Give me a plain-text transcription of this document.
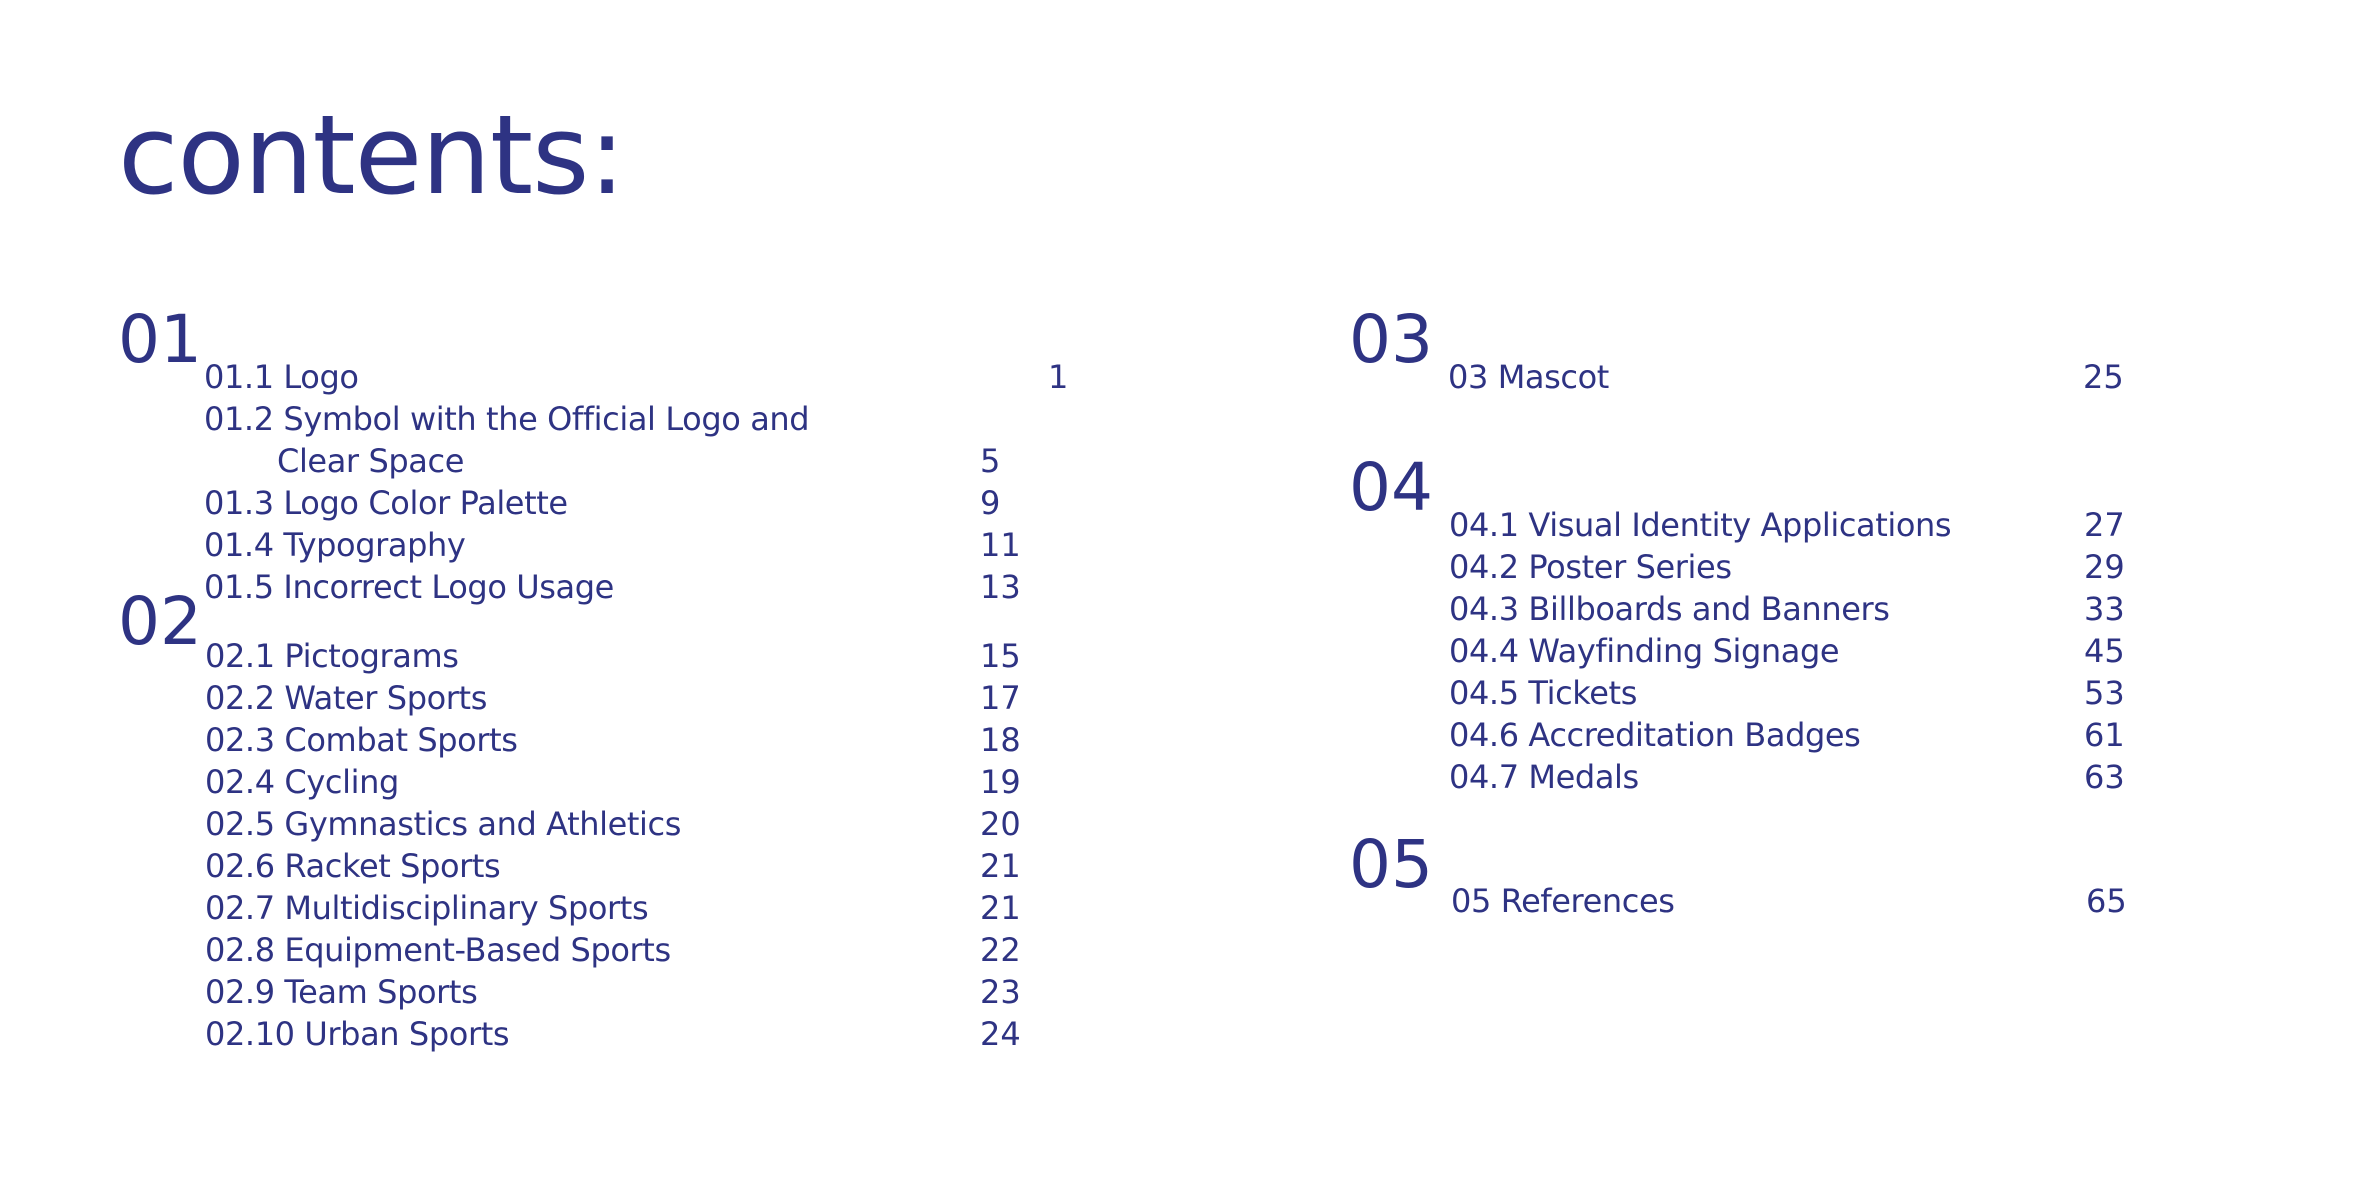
contents:
01 01.1 Logo	1
01.2 Symbol with the Official Logo and
Clear Space	5
01.3 Logo Color Palette	9
01.4 Typography	11
01.5 Incorrect Logo Usage	13
02 02.1 Pictograms	15
02.2 Water Sports	17
02.3 Combat Sports	18
02.4 Cycling	19
02.5 Gymnastics and Athletics	20
02.6 Racket Sports	21
02.7 Multidisciplinary Sports	21
02.8 Equipment-Based Sports	22
02.9 Team Sports	23
02.10 Urban Sports	24
03 03 Mascot	25
04 04.1 Visual Identity Applications	27
04.2 Poster Series	29
04.3 Billboards and Banners	33
04.4 Wayfinding Signage	45
04.5 Tickets	53
04.6 Accreditation Badges	61
04.7 Medals	63
05 05 References	65
